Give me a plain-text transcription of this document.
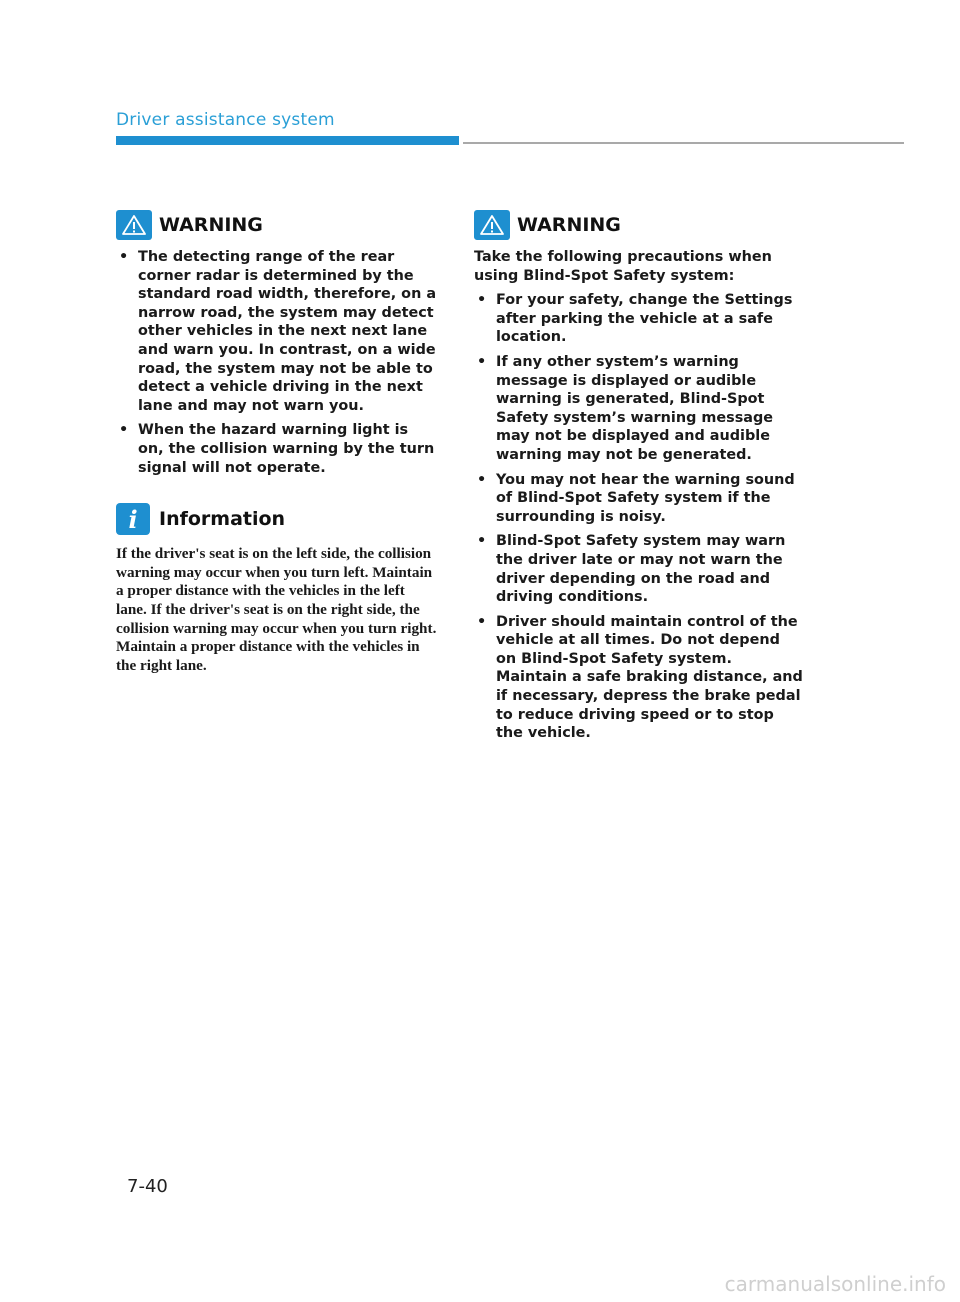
Driver assistance system
WARNING
• The detecting range of the rear corner radar is determined by the standard road width, therefore, on a narrow road, the system may detect other vehicles in the next next lane and warn you. In contrast, on a wide road, the system may not be able to detect a vehicle driving in the next lane and may not warn you.
• When the hazard warning light is on, the collision warning by the turn signal will not operate.
i	Information

If the driver's seat is on the left side, the collision warning may occur when you turn left. Maintain a proper distance with the vehicles in the left lane. If the driver's seat is on the right side, the collision warning may occur when you turn right. Maintain a proper distance with the vehicles in the right lane.

WARNING

Take the following precautions when using Blind-Spot Safety system:

• For your safety, change the Settings after parking the vehicle at a safe location.
• If any other system’s warning message is displayed or audible warning is generated, Blind-Spot Safety system’s warning message may not be displayed and audible warning may not be generated.
• You may not hear the warning sound of Blind-Spot Safety system if the surrounding is noisy.
• Blind-Spot Safety system may warn the driver late or may not warn the driver depending on the road and driving conditions.
• Driver should maintain control of the vehicle at all times. Do not depend on Blind-Spot Safety system. Maintain a safe braking distance, and if necessary, depress the brake pedal to reduce driving speed or to stop the vehicle.
7-40
carmanualsonline.info
